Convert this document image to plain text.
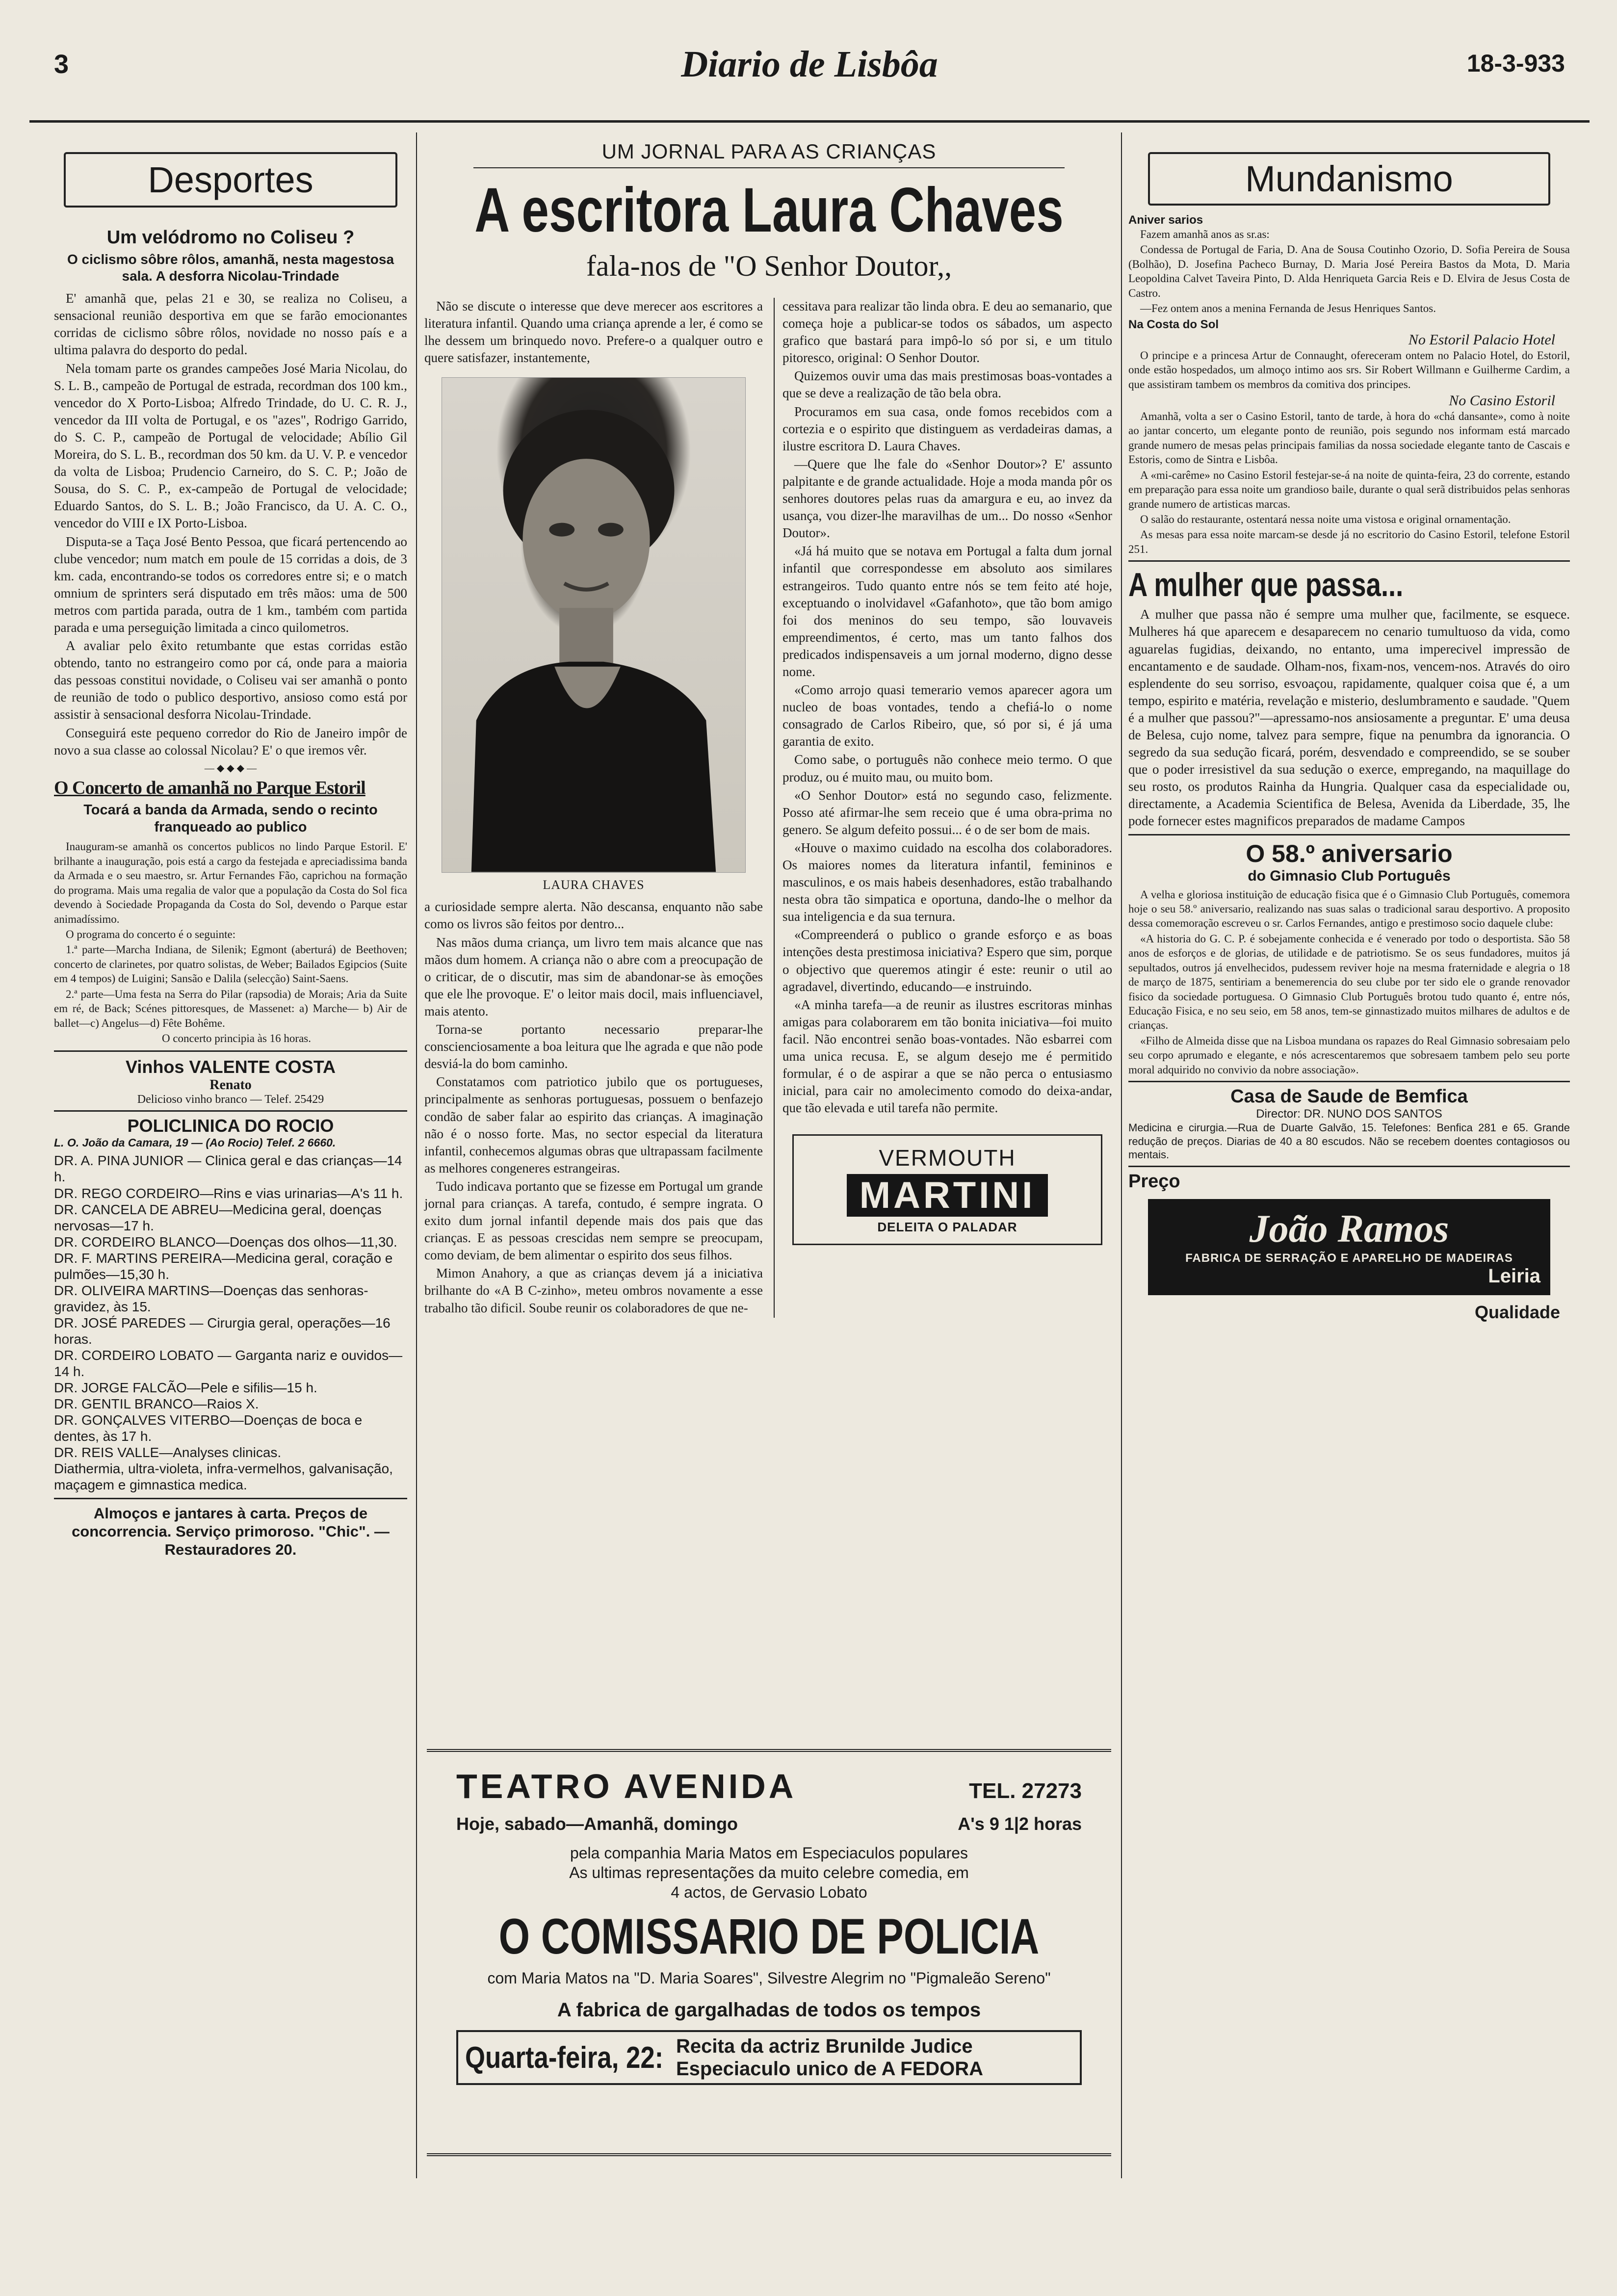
3	Diario de Lisbôa	18-3-933
Desportes
Um velódromo no Coliseu ?
O ciclismo sôbre rôlos, amanhã, nesta magestosa sala. A desforra Nicolau-Trindade

E' amanhã que, pelas 21 e 30, se realiza no Coliseu, a sensacional reunião desportiva em que se farão emocionantes corridas de ciclismo sôbre rôlos, novidade no nosso país e a ultima palavra do desporto do pedal.

Nela tomam parte os grandes campeões José Maria Nicolau, do S. L. B., campeão de Portugal de estrada, recordman dos 100 km., vencedor do X Porto-Lisboa; Alfredo Trindade, do U. C. R. J., vencedor da III volta de Portugal, e os "azes", Rodrigo Garrido, do S. C. P., campeão de Portugal de velocidade; Abílio Gil Moreira, do S. L. B., recordman dos 50 km. da U. V. P. e vencedor da volta de Lisboa; Prudencio Carneiro, do S. C. P.; João de Sousa, do S. C. P., ex-campeão de Portugal de velocidade; Eduardo Santos, do S. L. B.; João Francisco, da U. A. C. O., vencedor do VIII e IX Porto-Lisboa.

Disputa-se a Taça José Bento Pessoa, que ficará pertencendo ao clube vencedor; num match em poule de 15 corridas a dois, de 3 km. cada, encontrando-se todos os corredores entre si; e o match omnium de sprinters será disputado em três mãos: uma de 500 metros com partida parada, outra de 1 km., também com partida parada e uma perseguição limitada a cinco quilometros.

A avaliar pelo êxito retumbante que estas corridas estão obtendo, tanto no estrangeiro como por cá, onde para a maioria das pessoas constitui novidade, o Coliseu vai ser amanhã o ponto de reunião de todo o publico desportivo, ansioso como está por assistir à sensacional desforra Nicolau-Trindade.

Conseguirá este pequeno corredor do Rio de Janeiro impôr de novo a sua classe ao colossal Nicolau? E' o que iremos vêr.

— ◆ ◆ ◆ —
O Concerto de amanhã no Parque Estoril
Tocará a banda da Armada, sendo o recinto franqueado ao publico

Inauguram-se amanhã os concertos publicos no lindo Parque Estoril. E' brilhante a inauguração, pois está a cargo da festejada e apreciadissima banda da Armada e o seu maestro, sr. Artur Fernandes Fão, caprichou na formação do programa. Mais uma regalia de valor que a população da Costa do Sol fica devendo à Sociedade Propaganda da Costa do Sol, devendo o Parque estar animadíssimo.

O programa do concerto é o seguinte:

1.ª parte—Marcha Indiana, de Silenik; Egmont (aberturá) de Beethoven; concerto de clarinetes, por quatro solistas, de Weber; Bailados Egipcios (Suite em 4 tempos) de Luigini; Sansão e Dalila (selecção) Saint-Saens.

2.ª parte—Uma festa na Serra do Pilar (rapsodia) de Morais; Aria da Suite em ré, de Back; Scénes pittoresques, de Massenet: a) Marche— b) Air de ballet—c) Angelus—d) Fête Bohême.

O concerto principia às 16 horas.

Vinhos VALENTE COSTA
Renato
Delicioso vinho branco — Telef. 25429
POLICLINICA DO ROCIO
L. O. João da Camara, 19 — (Ao Rocio) Telef. 2 6660.
DR. A. PINA JUNIOR — Clinica geral e das crianças—14 h.
DR. REGO CORDEIRO—Rins e vias urinarias—A's 11 h.
DR. CANCELA DE ABREU—Medicina geral, doenças nervosas—17 h.
DR. CORDEIRO BLANCO—Doenças dos olhos—11,30.
DR. F. MARTINS PEREIRA—Medicina geral, coração e pulmões—15,30 h.
DR. OLIVEIRA MARTINS—Doenças das senhoras-gravidez, às 15.
DR. JOSÉ PAREDES — Cirurgia geral, operações—16 horas.
DR. CORDEIRO LOBATO — Garganta nariz e ouvidos—14 h.
DR. JORGE FALCÃO—Pele e sifilis—15 h.
DR. GENTIL BRANCO—Raios X.
DR. GONÇALVES VITERBO—Doenças de boca e dentes, às 17 h.
DR. REIS VALLE—Analyses clinicas.
Diathermia, ultra-violeta, infra-vermelhos, galvanisação, maçagem e gimnastica medica.
Almoços e jantares à carta. Preços de concorrencia. Serviço primoroso. "Chic". — Restauradores 20.
UM JORNAL PARA AS CRIANÇAS
A escritora Laura Chaves
fala-nos de "O Senhor Doutor,,

Não se discute o interesse que deve merecer aos escritores a literatura infantil. Quando uma criança aprende a ler, é como se lhe dessem um brinquedo novo. Prefere-o a qualquer outro e quere satisfazer, instantemente,

LAURA CHAVES

a curiosidade sempre alerta. Não descansa, enquanto não sabe como os livros são feitos por dentro...

Nas mãos duma criança, um livro tem mais alcance que nas mãos dum homem. A criança não o abre com a preocupação de o criticar, de o discutir, mas sim de abandonar-se às emoções que ele lhe provoque. E' o leitor mais docil, mais influenciavel, mais atento.

Torna-se portanto necessario preparar-lhe conscienciosamente a boa leitura que lhe agrada e que não pode desviá-la do bom caminho.

Constatamos com patriotico jubilo que os portugueses, principalmente as senhoras portuguesas, possuem o benfazejo condão de saber falar ao espirito das crianças. A imaginação não é o nosso forte. Mas, no sector especial da literatura infantil, conhecemos algumas obras que ultrapassam facilmente as melhores congeneres estrangeiras.

Tudo indicava portanto que se fizesse em Portugal um grande jornal para crianças. A tarefa, contudo, é sempre ingrata. O exito dum jornal infantil depende mais dos pais que das crianças. E as pessoas crescidas nem sempre se preocupam, como deviam, de bem alimentar o espirito dos seus filhos.

Mimon Anahory, a que as crianças devem já a iniciativa brilhante do «A B C-zinho», meteu ombros novamente a esse trabalho tão dificil. Soube reunir os colaboradores de que ne-

cessitava para realizar tão linda obra. E deu ao semanario, que começa hoje a publicar-se todos os sábados, um aspecto grafico que bastará para impô-lo só por si, e um titulo pitoresco, original: O Senhor Doutor.

Quizemos ouvir uma das mais prestimosas boas-vontades a que se deve a realização de tão bela obra.

Procuramos em sua casa, onde fomos recebidos com a cortezia e o espirito que distinguem as verdadeiras damas, a ilustre escritora D. Laura Chaves.

—Quere que lhe fale do «Senhor Doutor»? E' assunto palpitante e de grande actualidade. Hoje a moda manda pôr os senhores doutores pelas ruas da amargura e eu, ao invez da usança, vou dizer-lhe maravilhas de um... Do nosso «Senhor Doutor».

«Já há muito que se notava em Portugal a falta dum jornal infantil que correspondesse em absoluto aos similares estrangeiros. Tudo quanto entre nós se tem feito até hoje, exceptuando o inolvidavel «Gafanhoto», que tão bom amigo foi dos meninos do seu tempo, são louvaveis empreendimentos, é certo, mas um tanto falhos dos predicados indispensaveis a um jornal moderno, digno desse nome.

«Como arrojo quasi temerario vemos aparecer agora um nucleo de boas vontades, tendo a chefiá-lo o nome consagrado de Carlos Ribeiro, que, só por si, é já uma garantia de exito.

Como sabe, o português não conhece meio termo. O que produz, ou é muito mau, ou muito bom.

«O Senhor Doutor» está no segundo caso, felizmente. Posso até afirmar-lhe sem receio que é uma obra-prima no genero. Se algum defeito possui... é o de ser bom de mais.

«Houve o maximo cuidado na escolha dos colaboradores. Os maiores nomes da literatura infantil, femininos e masculinos, e os mais habeis desenhadores, estão trabalhando nesta obra tão simpatica e oportuna, dando-lhe o melhor da sua inteligencia e da sua ternura.

«Compreenderá o publico o grande esforço e as boas intenções desta prestimosa iniciativa? Espero que sim, porque o objectivo que queremos atingir é este: reunir o util ao agradavel, divertindo, educando—e instruindo.

«A minha tarefa—a de reunir as ilustres escritoras minhas amigas para colaborarem em tão bonita iniciativa—foi muito facil. Não encontrei senão boas-vontades. Não esbarrei com uma unica recusa. E, se algum desejo me é permitido formular, é o de aspirar a que se não perca o entusiasmo inicial, para cair no amolecimento comodo do deixa-andar, que tão elevada e util tarefa não permite.

VERMOUTH
MARTINI
DELEITA O PALADAR
TEATRO AVENIDA	TEL. 27273
Hoje, sabado—Amanhã, domingo	A's 9 1|2 horas
pela companhia Maria Matos em Especiaculos populares
As ultimas representações da muito celebre comedia, em
4 actos, de Gervasio Lobato
O COMISSARIO DE POLICIA
com Maria Matos na "D. Maria Soares", Silvestre Alegrim no "Pigmaleão Sereno"
A fabrica de gargalhadas de todos os tempos
Quarta-feira, 22: Recita da actriz Brunilde Judice
Especiaculo unico de A FEDORA
Mundanismo
Aniver sarios

Fazem amanhã anos as sr.as:

Condessa de Portugal de Faria, D. Ana de Sousa Coutinho Ozorio, D. Sofia Pereira de Sousa (Bolhão), D. Josefina Pacheco Burnay, D. Maria José Pereira Bastos da Mota, D. Maria Leopoldina Calvet Taveira Pinto, D. Alda Henriqueta Garcia Reis e D. Elvira de Jesus Costa de Castro.

—Fez ontem anos a menina Fernanda de Jesus Henriques Santos.

Na Costa do Sol
No Estoril Palacio Hotel

O principe e a princesa Artur de Connaught, ofereceram ontem no Palacio Hotel, do Estoril, onde estão hospedados, um almoço intimo aos srs. Sir Robert Willmann e Guilherme Cardim, a que assistiram tambem os membros da comitiva dos principes.

No Casino Estoril

Amanhã, volta a ser o Casino Estoril, tanto de tarde, à hora do «chá dansante», como à noite ao jantar concerto, um elegante ponto de reunião, pois segundo nos informam está marcado grande numero de mesas pelas principais familias da nossa sociedade elegante tanto de Cascais e Estoris, como de Sintra e Lisbôa.

A «mi-carême» no Casino Estoril festejar-se-á na noite de quinta-feira, 23 do corrente, estando em preparação para essa noite um grandioso baile, durante o qual serã distribuidos pelas senhoras grande numero de artisticas marcas.

O salão do restaurante, ostentará nessa noite uma vistosa e original ornamentação.

As mesas para essa noite marcam-se desde já no escritorio do Casino Estoril, telefone Estoril 251.

A mulher que passa...

A mulher que passa não é sempre uma mulher que, facilmente, se esquece. Mulheres há que aparecem e desaparecem no cenario tumultuoso da vida, como aguarelas fugidias, deixando, no entanto, uma imperecivel impressão de encantamento e de saudade. Olham-nos, fixam-nos, vencem-nos. Através do oiro esplendente do seu sorriso, esvoaçou, rapidamente, qualquer coisa que é, a um tempo, espirito e matéria, revelação e misterio, deslumbramento e saudade. "Quem é a mulher que passou?"—apressamo-nos ansiosamente a preguntar. E' uma deusa de Belesa, cujo nome, talvez para sempre, fique na penumbra da ignorancia. O segredo da sua sedução ficará, porém, desvendado e compreendido, se se souber que o poder irresistivel da sua sedução o exerce, empregando, na maquillage do seu rosto, os produtos Rainha da Hungria. Qualquer casa da especialidade ou, directamente, a Academia Scientifica de Belesa, Avenida da Liberdade, 35, lhe pode fornecer estes magnificos preparados de madame Campos

O 58.º aniversario
do Gimnasio Club Português

A velha e gloriosa instituição de educação fisica que é o Gimnasio Club Português, comemora hoje o seu 58.º aniversario, realizando nas suas salas o tradicional sarau desportivo. A proposito dessa comemoração escreveu o sr. Carlos Fernandes, antigo e prestimoso socio daquele clube:

«A historia do G. C. P. é sobejamente conhecida e é venerado por todo o desportista. São 58 anos de esforços e de glorias, de utilidade e de patriotismo. Se os seus fundadores, muitos já sepultados, outros já envelhecidos, pudessem reviver hoje na mesma fraternidade e alegria o 18 de março de 1875, sentiriam a benemerencia do seu clube por ter sido ele o grande renovador fisico da sociedade portuguesa. O Gimnasio Club Português brotou tudo quanto é, entre nós, Educação Fisica, e no seu seio, em 58 anos, tem-se ginnastizado muitos milhares de adultos e de crianças.

«Filho de Almeida disse que na Lisboa mundana os rapazes do Real Gimnasio sobresaiam pelo seu corpo aprumado e elegante, e nós acrescentaremos que sobresaem tambem pelo seu porte moral adquirido no convivio da nobre associação».

Casa de Saude de Bemfica
Director: DR. NUNO DOS SANTOS
Medicina e cirurgia.—Rua de Duarte Galvão, 15. Telefones: Benfica 281 e 65. Grande redução de preços. Diarias de 40 a 80 escudos. Não se recebem doentes contagiosos ou mentais.
Preço
João Ramos
FABRICA DE SERRAÇÃO E APARELHO DE MADEIRAS
Leiria
Qualidade
